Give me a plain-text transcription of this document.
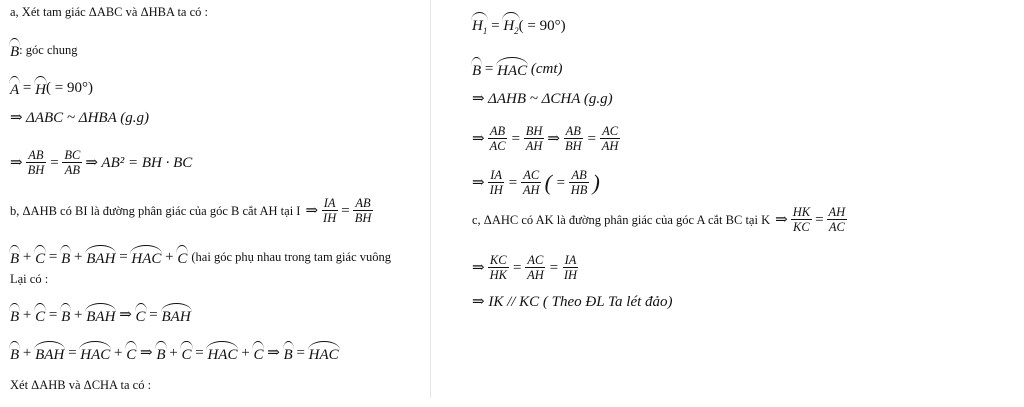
a, Xét tam giác ΔABC và ΔHBA ta có :
B : góc chung
A = H ( = 90°)
⇒ ΔABC ~ ΔHBA (g.g)
⇒ $\frac{AB}{BH} = \frac{BC}{AB}$ ⇒ AB² = BH · BC
b, ΔAHB có BI là đường phân giác của góc B cắt AH tại I ⇒ $\frac{IA}{IH} = \frac{AB}{BH}$
B + C = B + BAH = HAC + C (hai góc phụ nhau trong tam giác vuông
Lại có :
B + C = B + BAH ⇒ C = BAH
B + BAH = HAC + C ⇒ B + C = HAC + C ⇒ B = HAC
Xét ΔAHB và ΔCHA ta có :
$H_1 = H_2$ ( = 90°)
B = HAC
(cmt)
⇒ ΔAHB ~ ΔCHA (g.g)
⇒ $\frac{AB}{AC} = \frac{BH}{AH}$ ⇒ $\frac{AB}{BH} = \frac{AC}{AH}$
⇒ $\frac{IA}{IH} = \frac{AC}{AH}$ ( = $\frac{AB}{HB}$ )
c, ΔAHC có AK là đường phân giác của góc A cắt BC tại K ⇒ $\frac{HK}{KC} = \frac{AH}{AC}$
⇒ $\frac{KC}{HK} = \frac{AC}{AH} = \frac{IA}{IH}$
⇒ IK // KC ( Theo ĐL Ta lét đảo)
